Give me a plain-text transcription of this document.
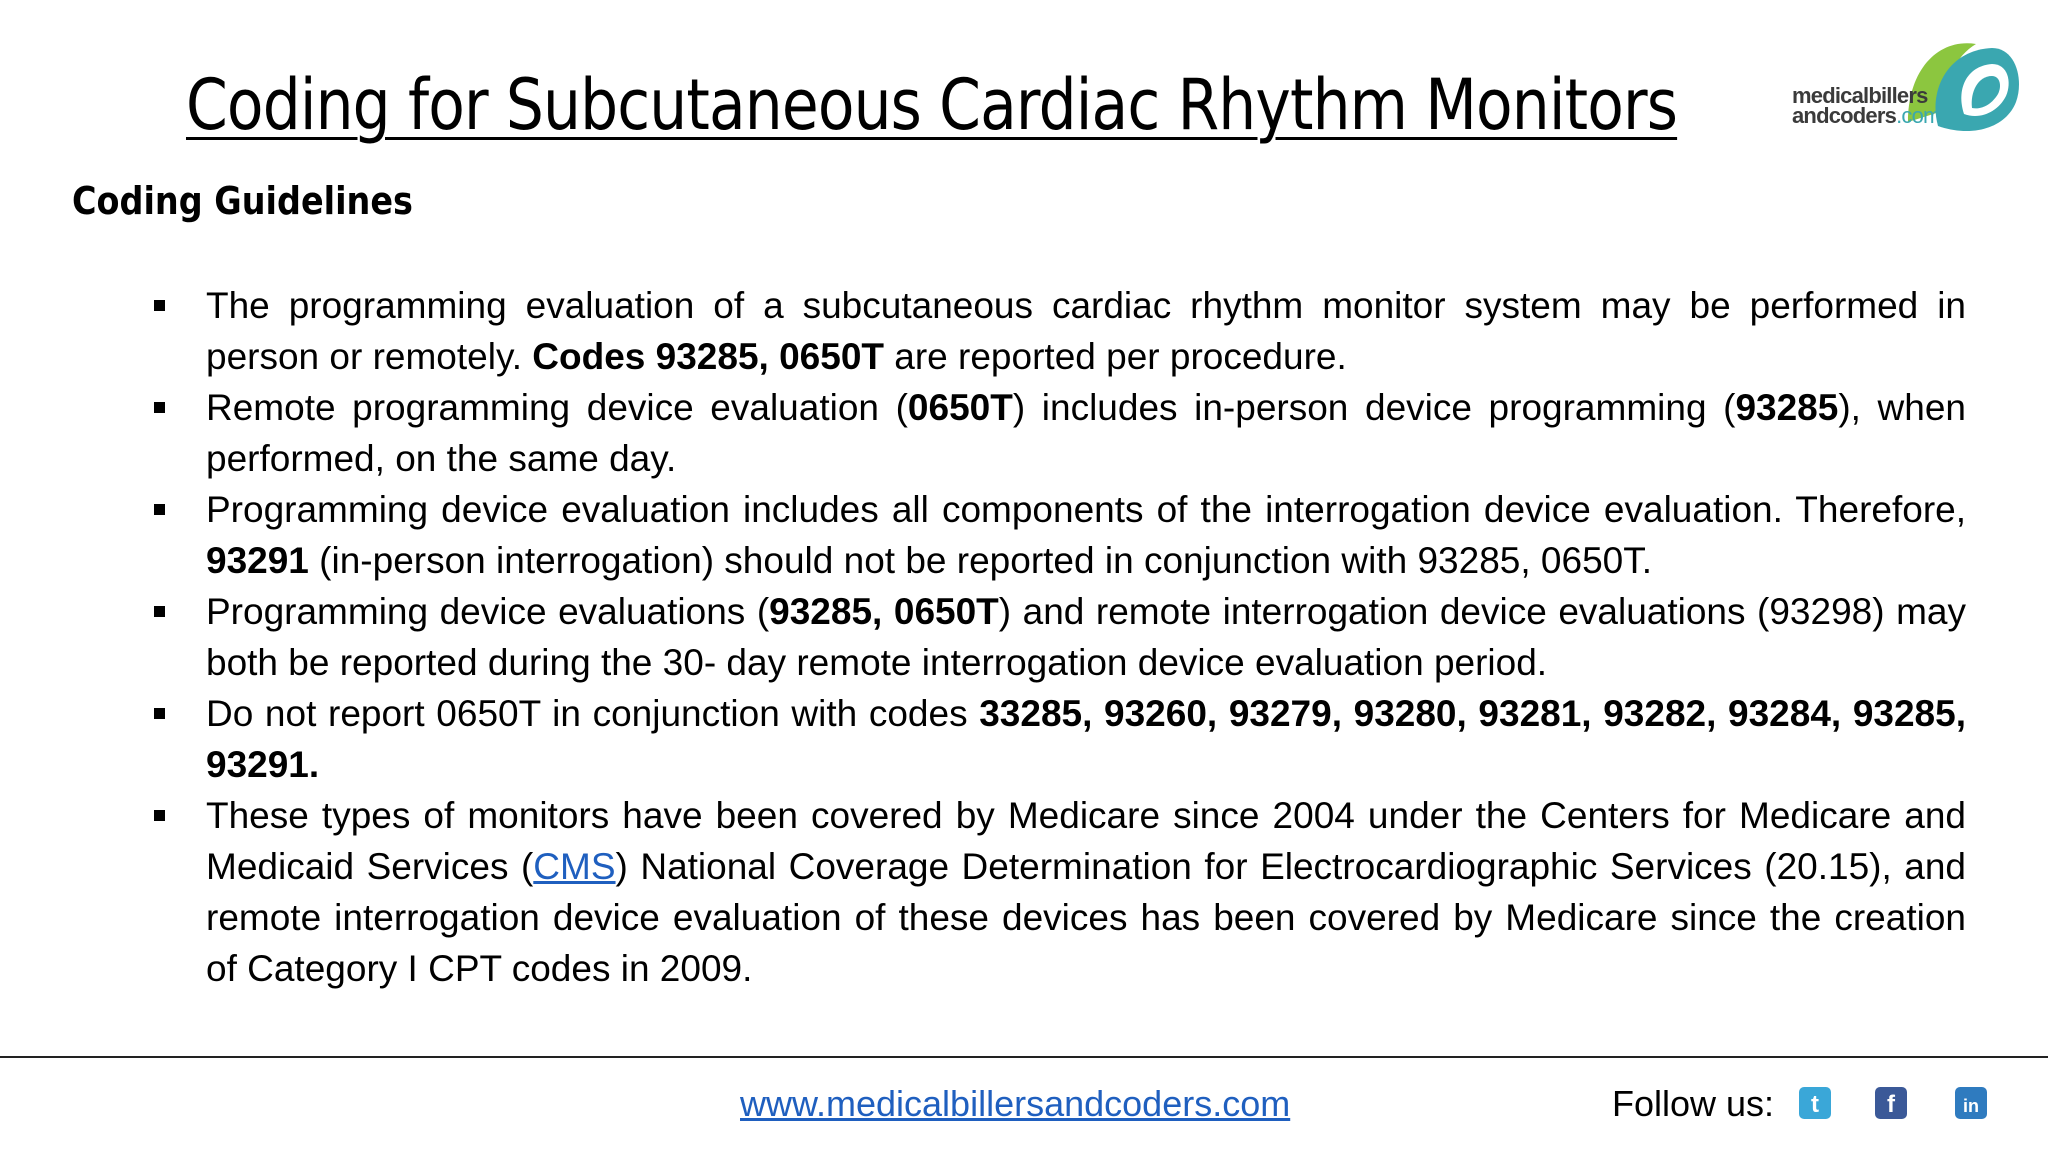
Coding for Subcutaneous Cardiac Rhythm Monitors	medicalbillers
andcoders.com
Coding Guidelines
The programming evaluation of a subcutaneous cardiac rhythm monitor system may be performed in person or remotely. Codes 93285, 0650T are reported per procedure.
Remote programming device evaluation (0650T) includes in-person device programming (93285), when performed, on the same day.
Programming device evaluation includes all components of the interrogation device evaluation. Therefore, 93291 (in-person interrogation) should not be reported in conjunction with 93285, 0650T.
Programming device evaluations (93285, 0650T) and remote interrogation device evaluations (93298) may both be reported during the 30- day remote interrogation device evaluation period.
Do not report 0650T in conjunction with codes 33285, 93260, 93279, 93280, 93281, 93282, 93284, 93285, 93291.
These types of monitors have been covered by Medicare since 2004 under the Centers for Medicare and Medicaid Services (CMS) National Coverage Determination for Electrocardiographic Services (20.15), and remote interrogation device evaluation of these devices has been covered by Medicare since the creation of Category I CPT codes in 2009.
www.medicalbillersandcoders.com	Follow us: t	f	in
